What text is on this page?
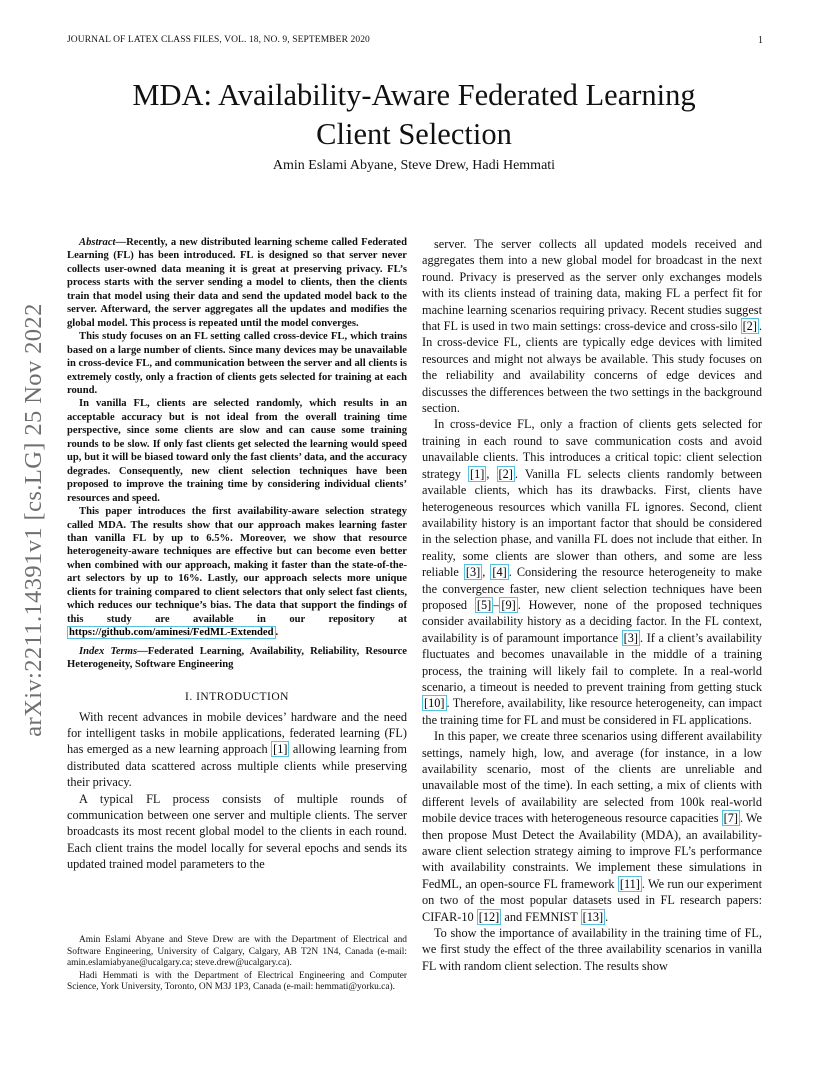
JOURNAL OF LATEX CLASS FILES, VOL. 18, NO. 9, SEPTEMBER 2020	1
arXiv:2211.14391v1 [cs.LG] 25 Nov 2022
MDA: Availability-Aware Federated Learning
Client Selection
Amin Eslami Abyane, Steve Drew, Hadi Hemmati

Abstract—Recently, a new distributed learning scheme called Federated Learning (FL) has been introduced. FL is designed so that server never collects user-owned data meaning it is great at preserving privacy. FL’s process starts with the server sending a model to clients, then the clients train that model using their data and send the updated model back to the server. Afterward, the server aggregates all the updates and modifies the global model. This process is repeated until the model converges.

This study focuses on an FL setting called cross-device FL, which trains based on a large number of clients. Since many devices may be unavailable in cross-device FL, and communication between the server and all clients is extremely costly, only a fraction of clients gets selected for training at each round.

In vanilla FL, clients are selected randomly, which results in an acceptable accuracy but is not ideal from the overall training time perspective, since some clients are slow and can cause some training rounds to be slow. If only fast clients get selected the learning would speed up, but it will be biased toward only the fast clients’ data, and the accuracy degrades. Consequently, new client selection techniques have been proposed to improve the training time by considering individual clients’ resources and speed.

This paper introduces the first availability-aware selection strategy called MDA. The results show that our approach makes learning faster than vanilla FL by up to 6.5%. Moreover, we show that resource heterogeneity-aware techniques are effective but can become even better when combined with our approach, making it faster than the state-of-the-art selectors by up to 16%. Lastly, our approach selects more unique clients for training compared to client selectors that only select fast clients, which reduces our technique’s bias. The data that support the findings of this study are available in our repository at https://github.com/aminesi/FedML-Extended .

Index Terms—Federated Learning, Availability, Reliability, Resource Heterogeneity, Software Engineering

I. INTRODUCTION

With recent advances in mobile devices’ hardware and the need for intelligent tasks in mobile applications, federated learning (FL) has emerged as a new learning approach [1] allowing learning from distributed data scattered across multiple clients while preserving their privacy.

A typical FL process consists of multiple rounds of communication between one server and multiple clients. The server broadcasts its most recent global model to the clients in each round. Each client trains the model locally for several epochs and sends its updated trained model parameters to the

Amin Eslami Abyane and Steve Drew are with the Department of Electrical and Software Engineering, University of Calgary, Calgary, AB T2N 1N4, Canada (e-mail: amin.eslamiabyane@ucalgary.ca; steve.drew@ucalgary.ca).

Hadi Hemmati is with the Department of Electrical Engineering and Computer Science, York University, Toronto, ON M3J 1P3, Canada (e-mail: hemmati@yorku.ca).

server. The server collects all updated models received and aggregates them into a new global model for broadcast in the next round. Privacy is preserved as the server only exchanges models with its clients instead of training data, making FL a perfect fit for machine learning scenarios requiring privacy. Recent studies suggest that FL is used in two main settings: cross-device and cross-silo [2] . In cross-device FL, clients are typically edge devices with limited resources and might not always be available. This study focuses on the reliability and availability concerns of edge devices and discusses the differences between the two settings in the background section.

In cross-device FL, only a fraction of clients gets selected for training in each round to save communication costs and avoid unavailable clients. This introduces a critical topic: client selection strategy [1] , [2] . Vanilla FL selects clients randomly between available clients, which has its drawbacks. First, clients have heterogeneous resources which vanilla FL ignores. Second, client availability history is an important factor that should be considered in the selection phase, and vanilla FL does not include that either. In reality, some clients are slower than others, and some are less reliable [3] , [4] . Considering the resource heterogeneity to make the convergence faster, new client selection techniques have been proposed [5] – [9] . However, none of the proposed techniques consider availability history as a deciding factor. In the FL context, availability is of paramount importance [3] . If a client’s availability fluctuates and becomes unavailable in the middle of a training process, the training will likely fail to complete. In a real-world scenario, a timeout is needed to prevent training from getting stuck [10] . Therefore, availability, like resource heterogeneity, can impact the training time for FL and must be considered in FL applications.

In this paper, we create three scenarios using different availability settings, namely high, low, and average (for instance, in a low availability scenario, most of the clients are unreliable and unavailable most of the time). In each setting, a mix of clients with different levels of availability are selected from 100k real-world mobile device traces with heterogeneous resource capacities [7] . We then propose Must Detect the Availability (MDA), an availability-aware client selection strategy aiming to improve FL’s performance with availability constraints. We implement these simulations in FedML, an open-source FL framework [11] . We run our experiment on two of the most popular datasets used in FL research papers: CIFAR-10 [12] and FEMNIST [13] .

To show the importance of availability in the training time of FL, we first study the effect of the three availability scenarios in vanilla FL with random client selection. The results show
